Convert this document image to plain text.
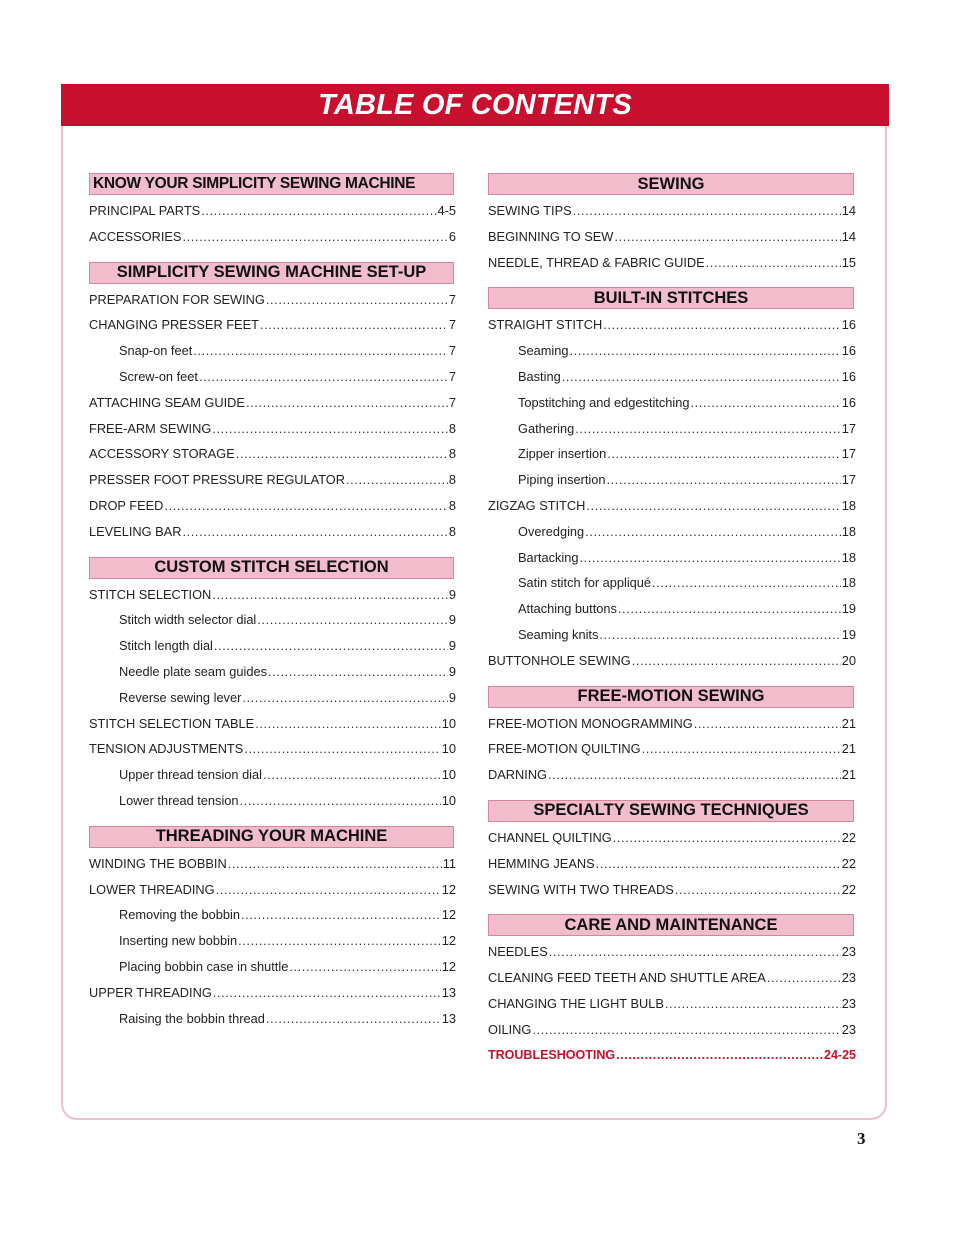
TABLE OF CONTENTS
KNOW YOUR SIMPLICITY SEWING MACHINE
PRINCIPAL PARTS .....	4-5
ACCESSORIES .....	6
SIMPLICITY SEWING MACHINE SET-UP
PREPARATION FOR SEWING .....	7
CHANGING PRESSER FEET .....	7
Snap-on feet .....	7
Screw-on feet .....	7
ATTACHING SEAM GUIDE .....	7
FREE-ARM SEWING .....	8
ACCESSORY STORAGE .....	8
PRESSER FOOT PRESSURE REGULATOR .....	8
DROP FEED .....	8
LEVELING BAR .....	8
CUSTOM STITCH SELECTION
STITCH SELECTION .....	9
Stitch width selector dial .....	9
Stitch length dial .....	9
Needle plate seam guides .....	9
Reverse sewing lever .....	9
STITCH SELECTION TABLE .....	10
TENSION ADJUSTMENTS .....	10
Upper thread tension dial .....	10
Lower thread tension .....	10
THREADING YOUR MACHINE
WINDING THE BOBBIN .....	11
LOWER THREADING .....	12
Removing the bobbin .....	12
Inserting new bobbin .....	12
Placing bobbin case in shuttle .....	12
UPPER THREADING .....	13
Raising the bobbin thread .....	13
SEWING
SEWING TIPS .....	14
BEGINNING TO SEW .....	14
NEEDLE, THREAD & FABRIC GUIDE .....	15
BUILT-IN STITCHES
STRAIGHT STITCH .....	16
Seaming .....	16
Basting .....	16
Topstitching and edgestitching .....	16
Gathering .....	17
Zipper insertion .....	17
Piping insertion .....	17
ZIGZAG STITCH .....	18
Overedging .....	18
Bartacking .....	18
Satin stitch for appliqué .....	18
Attaching buttons .....	19
Seaming knits .....	19
BUTTONHOLE SEWING .....	20
FREE-MOTION SEWING
FREE-MOTION MONOGRAMMING .....	21
FREE-MOTION QUILTING .....	21
DARNING .....	21
SPECIALTY SEWING TECHNIQUES
CHANNEL QUILTING .....	22
HEMMING JEANS .....	22
SEWING WITH TWO THREADS .....	22
CARE AND MAINTENANCE
NEEDLES .....	23
CLEANING FEED TEETH AND SHUTTLE AREA .....	23
CHANGING THE LIGHT BULB .....	23
OILING .....	23
TROUBLESHOOTING .....	24-25
3
